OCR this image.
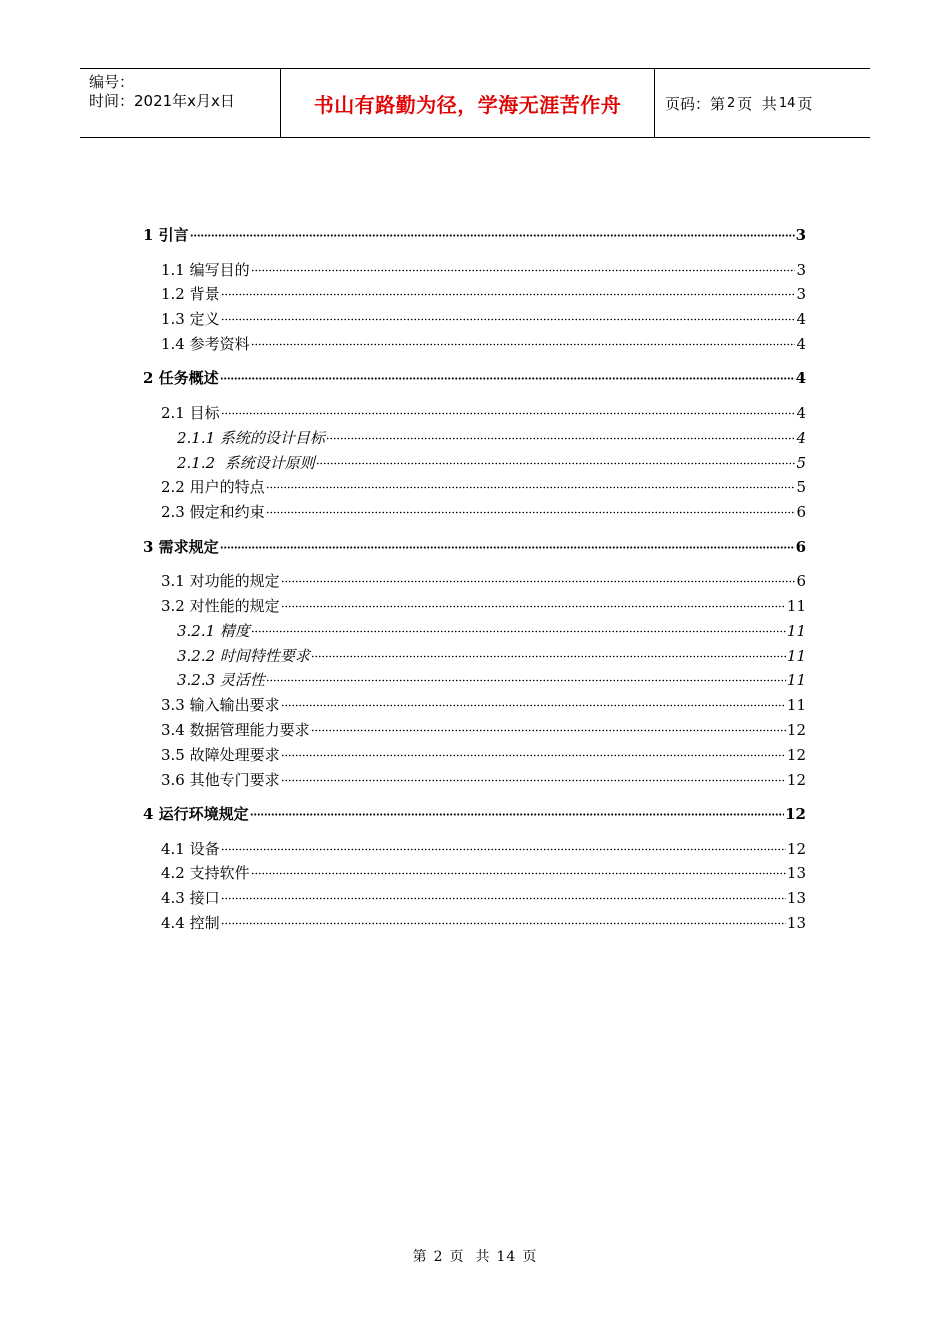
编号：
时间：2021年x月x日	书山有路勤为径，学海无涯苦作舟	页码：第 2 页  共 14 页
1 引言	3
1.1 编写目的	3
1.2 背景	3
1.3 定义	4
1.4 参考资料	4
2 任务概述	4
2.1 目标	4
2.1.1 系统的设计目标	4
2.1.2  系统设计原则	5
2.2 用户的特点	5
2.3 假定和约束	6
3 需求规定	6
3.1 对功能的规定	6
3.2 对性能的规定	11
3.2.1 精度	11
3.2.2 时间特性要求	11
3.2.3 灵活性	11
3.3 输入输出要求	11
3.4 数据管理能力要求	12
3.5 故障处理要求	12
3.6 其他专门要求	12
4 运行环境规定	12
4.1 设备	12
4.2 支持软件	13
4.3 接口	13
4.4 控制	13
第 2 页  共 14 页
